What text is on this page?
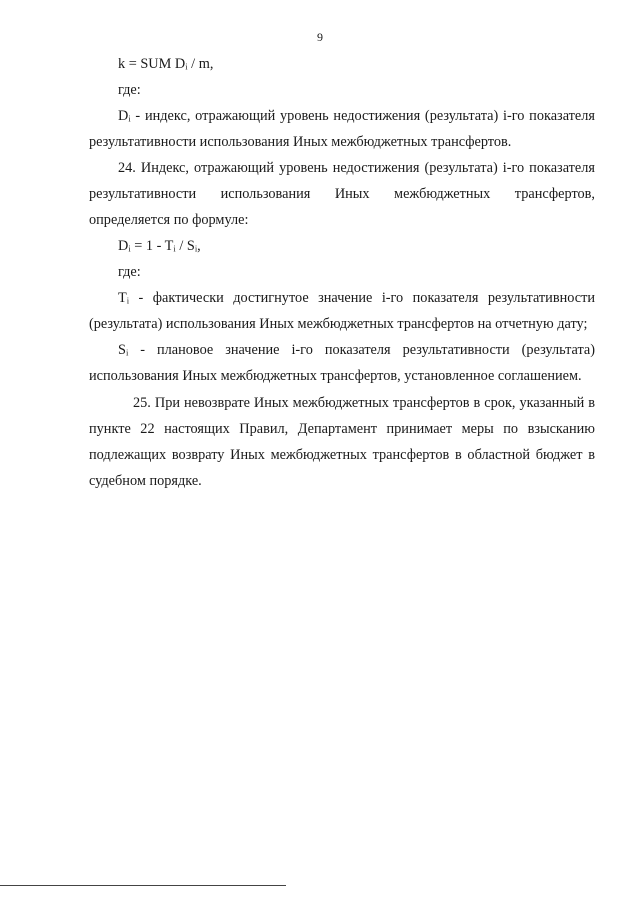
9

k = SUM Dᵢ / m,

где:

Dᵢ - индекс, отражающий уровень недостижения (результата) i-го показателя результативности использования Иных межбюджетных трансфертов.

24. Индекс, отражающий уровень недостижения (результата) i-го показателя результативности использования Иных межбюджетных трансфертов, определяется по формуле:

Dᵢ = 1 - Tᵢ / Sᵢ,

где:

Tᵢ - фактически достигнутое значение i-го показателя результативности (результата) использования Иных межбюджетных трансфертов на отчетную дату;

Sᵢ - плановое значение i-го показателя результативности (результата) использования Иных межбюджетных трансфертов, установленное соглашением.

25. При невозврате Иных межбюджетных трансфертов в срок, указанный в пункте 22 настоящих Правил, Департамент принимает меры по взысканию подлежащих возврату Иных межбюджетных трансфертов в областной бюджет в судебном порядке.
